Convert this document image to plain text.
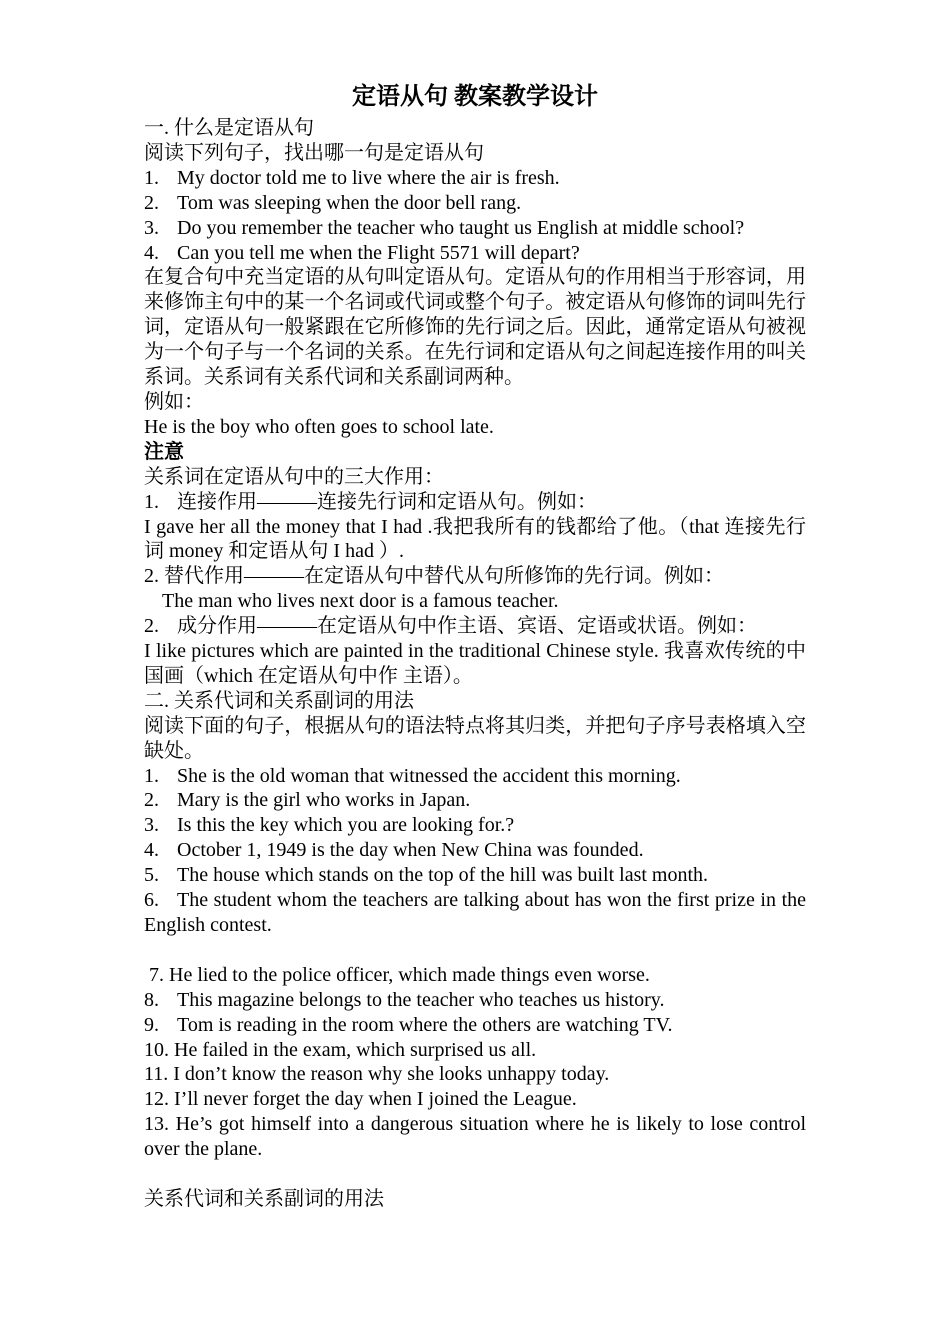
定语从句 教案教学设计
一. 什么是定语从句
阅读下列句子，找出哪一句是定语从句
1. My doctor told me to live where the air is fresh.
2. Tom was sleeping when the door bell rang.
3. Do you remember the teacher who taught us English at middle school?
4. Can you tell me when the Flight 5571 will depart?
在复合句中充当定语的从句叫定语从句。定语从句的作用相当于形容词，用来修饰主句中的某一个名词或代词或整个句子。被定语从句修饰的词叫先行词，定语从句一般紧跟在它所修饰的先行词之后。因此，通常定语从句被视为一个句子与一个名词的关系。在先行词和定语从句之间起连接作用的叫关系词。关系词有关系代词和关系副词两种。
例如：
He is the boy who often goes to school late.
注意
关系词在定语从句中的三大作用：
1. 连接作用———连接先行词和定语从句。例如：
I gave her all the money that I had .我把我所有的钱都给了他。（that 连接先行词 money 和定语从句 I had ）.
2. 替代作用———在定语从句中替代从句所修饰的先行词。例如：
The man who lives next door is a famous teacher.
2. 成分作用———在定语从句中作主语、宾语、定语或状语。例如：
I like pictures which are painted in the traditional Chinese style. 我喜欢传统的中国画（which 在定语从句中作 主语）。
二. 关系代词和关系副词的用法
阅读下面的句子，根据从句的语法特点将其归类，并把句子序号表格填入空缺处。
1. She is the old woman that witnessed the accident this morning.
2. Mary is the girl who works in Japan.
3. Is this the key which you are looking for.?
4. October 1, 1949 is the day when New China was founded.
5. The house which stands on the top of the hill was built last month.
6. The student whom the teachers are talking about has won the first prize in the English contest.
7. He lied to the police officer, which made things even worse.
8. This magazine belongs to the teacher who teaches us history.
9. Tom is reading in the room where the others are watching TV.
10. He failed in the exam, which surprised us all.
11. I don’t know the reason why she looks unhappy today.
12. I’ll never forget the day when I joined the League.
13. He’s got himself into a dangerous situation where he is likely to lose control over the plane.
关系代词和关系副词的用法
